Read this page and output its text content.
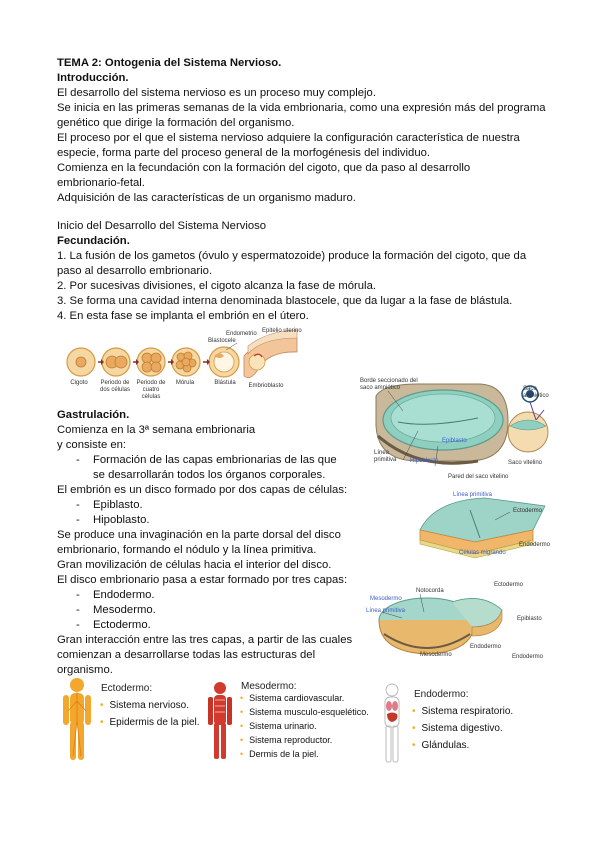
TEMA 2: Ontogenia del Sistema Nervioso.
Introducción.
El desarrollo del sistema nervioso es un proceso muy complejo.
Se inicia en las primeras semanas de la vida embrionaria, como una expresión más del programa
genético que dirige la formación del organismo.
El proceso por el que el sistema nervioso adquiere la configuración característica de nuestra
especie, forma parte del proceso general de la morfogénesis del individuo.
Comienza en la fecundación con la formación del cigoto, que da paso al desarrollo
embrionario-fetal.
Adquisición de las características de un organismo maduro.
Inicio del Desarrollo del Sistema Nervioso
Fecundación.
1. La fusión de los gametos (óvulo y espermatozoide) produce la formación del cigoto, que da
paso al desarrollo embrionario.
2. Por sucesivas divisiones, el cigoto alcanza la fase de mórula.
3. Se forma una cavidad interna denominada blastocele, que da lugar a la fase de blástula.
4. En esta fase se implanta el embrión en el útero.
Blastocele
Endometrio Epitelio uterino
Cigoto	Periodo de dos células
Periodo de cuatro células
Mórula	Blástula	Embrioblasto
Gastrulación.
Comienza en la 3ª semana embrionaria
y consiste en:
- Formación de las capas embrionarias de las que
se desarrollarán todos los órganos corporales.
El embrión es un disco formado por dos capas de células:
- Epiblasto.
- Hipoblasto.
Se produce una invaginación en la parte dorsal del disco
embrionario, formando el nódulo y la línea primitiva.
Gran movilización de células hacia el interior del disco.
El disco embrionario pasa a estar formado por tres capas:
- Endodermo.
- Mesodermo.
- Ectodermo.
Gran interacción entre las tres capas, a partir de las cuales
comienzan a desarrollarse todas las estructuras del
organismo.
Borde seccionado del saco amniótico	Saco amniótico
Línea primitiva Hipoblasto
Epiblasto
Pared del saco vitelino
Saco vitelino
Línea primitiva
Ectodermo
Endodermo
Células migrando
Ectodermo
Notocorda
Mesodermo
Línea primitiva
Endodermo
Mesodermo
Epiblasto
Endodermo
Ectodermo:
• Sistema nervioso.
• Epidermis de la piel.
Mesodermo:
• Sistema cardiovascular.
• Sistema musculo-esquelético.
• Sistema urinario.
• Sistema reproductor.
• Dermis de la piel.
Endodermo:
• Sistema respiratorio.
• Sistema digestivo.
• Glándulas.
